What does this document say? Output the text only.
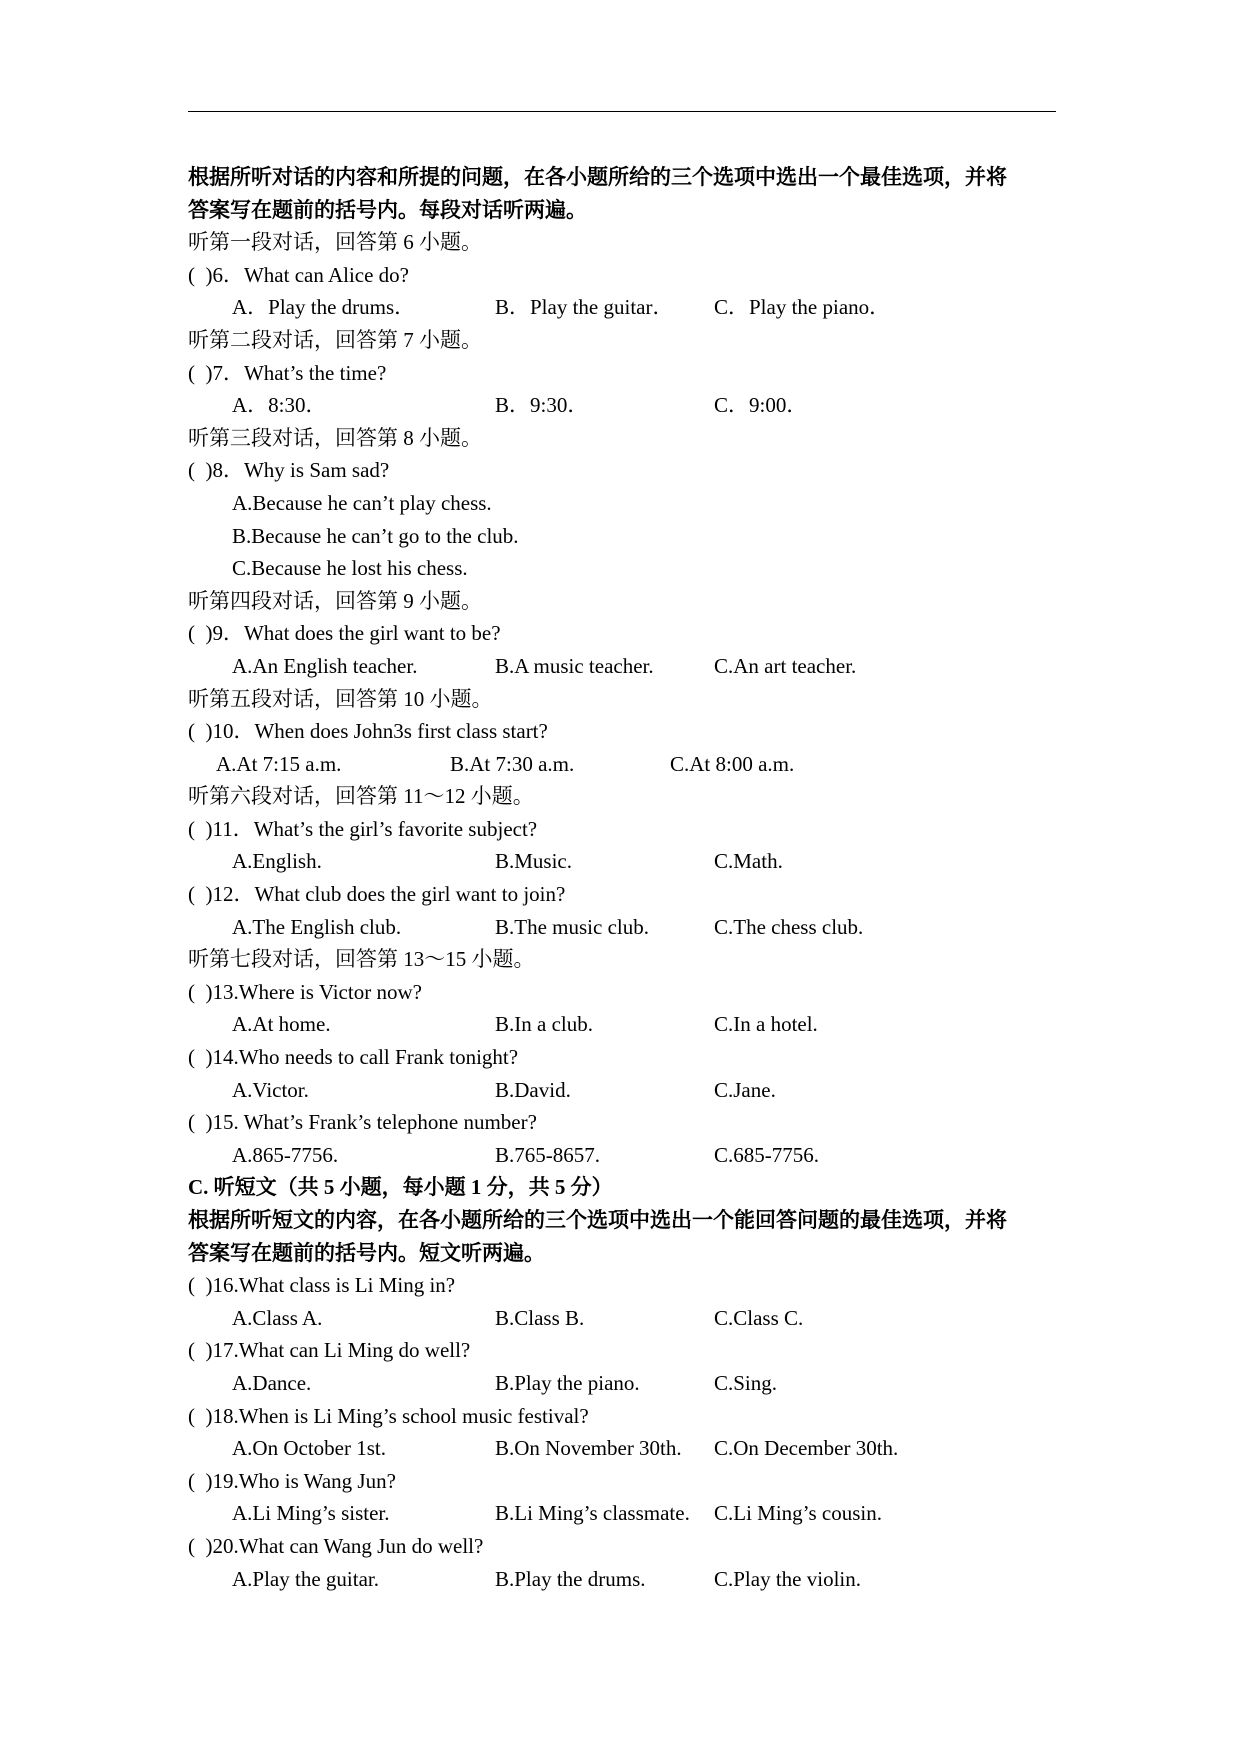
根据所听对话的内容和所提的问题，在各小题所给的三个选项中选出一个最佳选项，并将
答案写在题前的括号内。每段对话听两遍。
听第一段对话，回答第 6 小题。
(  )6．What can Alice do?

A．Play the drums．

	B．Play the guitar．

C．Play the piano．

听第二段对话，回答第 7 小题。
(  )7．What’s the time?

A．8:30．

	B．9:30．

	C．9:00．

听第三段对话，回答第 8 小题。
(  )8．Why is Sam sad?
A.Because he can’t play chess.
B.Because he can’t go to the club.
C.Because he lost his chess.
听第四段对话，回答第 9 小题。
(  )9．What does the girl want to be?

A.An English teacher.

	B.A music teacher.

	C.An art teacher.

听第五段对话，回答第 10 小题。
(  )10．When does John3s first class start?

A.At 7:15 a.m.

	B.At 7:30 a.m.

	C.At 8:00 a.m.

听第六段对话，回答第 11～12 小题。
(  )11．What’s the girl’s favorite subject?

A.English.

	B.Music.

	C.Math.

(  )12．What club does the girl want to join?

A.The English club.

	B.The music club.

	C.The chess club.

听第七段对话，回答第 13～15 小题。
(  )13.Where is Victor now?

A.At home.

	B.In a club.

	C.In a hotel.

(  )14.Who needs to call Frank tonight?

A.Victor.

	B.David.

	C.Jane.

(  )15. What’s Frank’s telephone number?

A.865-7756.

	B.765-8657.

	C.685-7756.

C. 听短文（共 5 小题，每小题 1 分，共 5 分）
根据所听短文的内容，在各小题所给的三个选项中选出一个能回答问题的最佳选项，并将
答案写在题前的括号内。短文听两遍。
(  )16.What class is Li Ming in?

A.Class A.

	B.Class B.

	C.Class C.

(  )17.What can Li Ming do well?

A.Dance.

	B.Play the piano.

	C.Sing.

(  )18.When is Li Ming’s school music festival?

A.On October 1st.

	B.On November 30th.

C.On December 30th.

(  )19.Who is Wang Jun?

A.Li Ming’s sister.

	B.Li Ming’s classmate.

C.Li Ming’s cousin.

(  )20.What can Wang Jun do well?

A.Play the guitar.

	B.Play the drums.

	C.Play the violin.
